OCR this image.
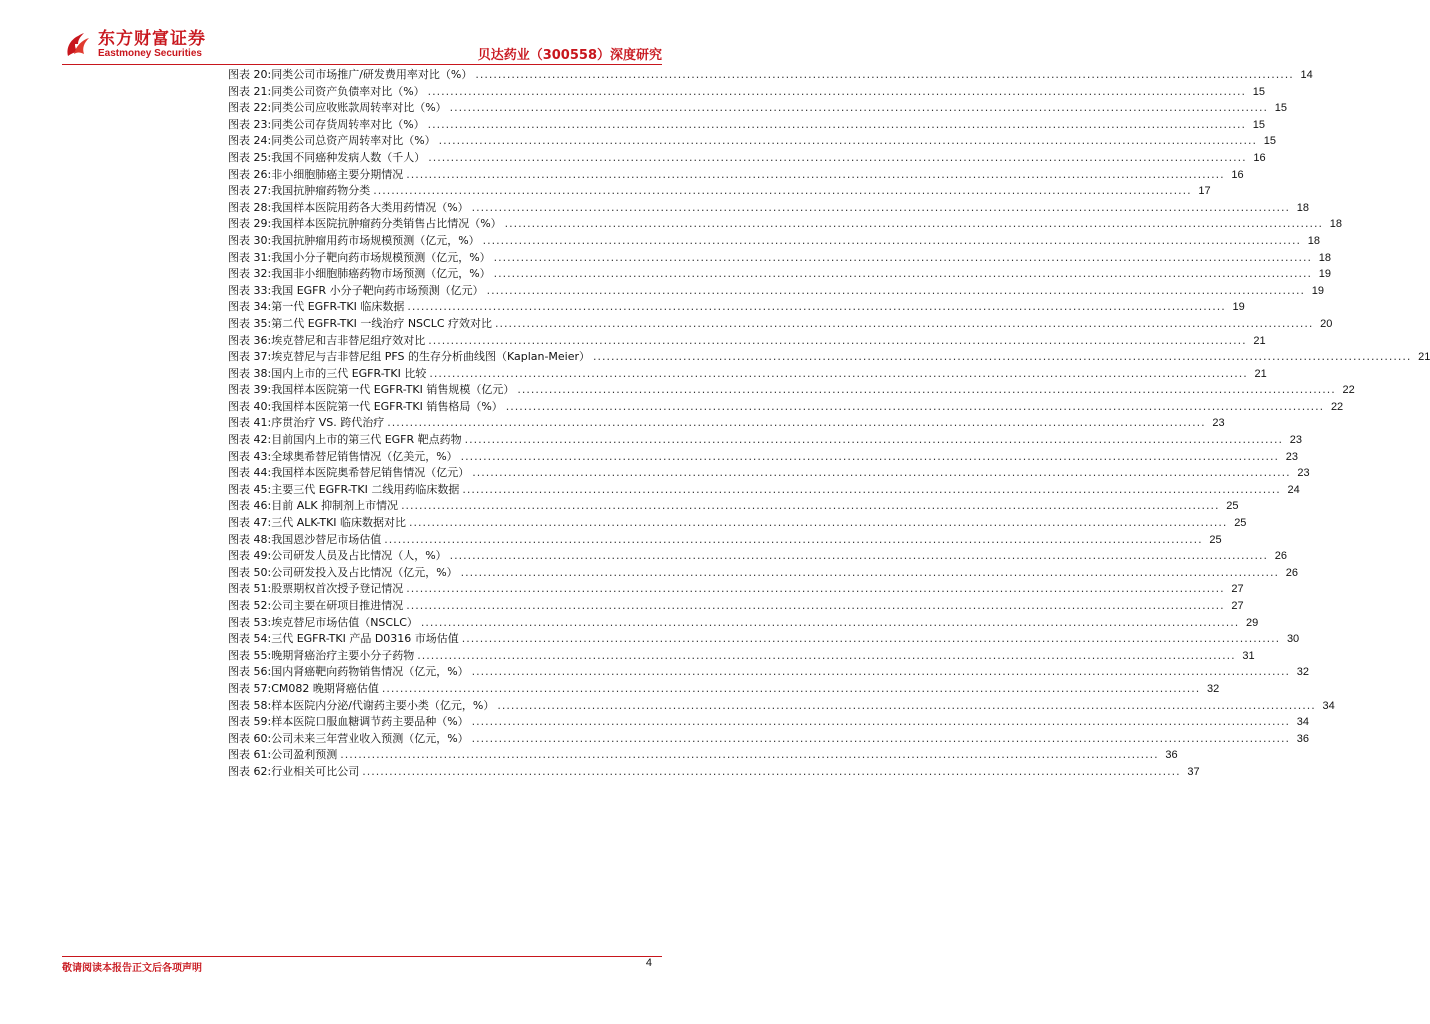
东方财富证券
Eastmoney Securities	贝达药业（300558）深度研究
图表 20: 同类公司市场推广/研发费用率对比（%） .....	14
图表 21: 同类公司资产负债率对比（%） .....	15
图表 22: 同类公司应收账款周转率对比（%） .....	15
图表 23: 同类公司存货周转率对比（%） .....	15
图表 24: 同类公司总资产周转率对比（%） .....	15
图表 25: 我国不同癌种发病人数（千人） .....	16
图表 26: 非小细胞肺癌主要分期情况 .....	16
图表 27: 我国抗肿瘤药物分类 .....	17
图表 28: 我国样本医院用药各大类用药情况（%） .....	18
图表 29: 我国样本医院抗肿瘤药分类销售占比情况（%） .....	18
图表 30: 我国抗肿瘤用药市场规模预测（亿元，%） .....	18
图表 31: 我国小分子靶向药市场规模预测（亿元，%） .....	18
图表 32: 我国非小细胞肺癌药物市场预测（亿元，%） .....	19
图表 33: 我国 EGFR 小分子靶向药市场预测（亿元） .....	19
图表 34: 第一代 EGFR-TKI 临床数据 .....	19
图表 35: 第二代 EGFR-TKI 一线治疗 NSCLC 疗效对比 .....	20
图表 36: 埃克替尼和吉非替尼组疗效对比 .....	21
图表 37: 埃克替尼与吉非替尼组 PFS 的生存分析曲线图（Kaplan-Meier） .....	21
图表 38: 国内上市的三代 EGFR-TKI 比较 .....	21
图表 39: 我国样本医院第一代 EGFR-TKI 销售规模（亿元） .....	22
图表 40: 我国样本医院第一代 EGFR-TKI 销售格局（%） .....	22
图表 41: 序贯治疗 VS. 跨代治疗 .....	23
图表 42: 目前国内上市的第三代 EGFR 靶点药物 .....	23
图表 43: 全球奥希替尼销售情况（亿美元，%） .....	23
图表 44: 我国样本医院奥希替尼销售情况（亿元） .....	23
图表 45: 主要三代 EGFR-TKI 二线用药临床数据 .....	24
图表 46: 目前 ALK 抑制剂上市情况 .....	25
图表 47: 三代 ALK-TKI 临床数据对比 .....	25
图表 48: 我国恩沙替尼市场估值 .....	25
图表 49: 公司研发人员及占比情况（人，%） .....	26
图表 50: 公司研发投入及占比情况（亿元，%） .....	26
图表 51: 股票期权首次授予登记情况 .....	27
图表 52: 公司主要在研项目推进情况 .....	27
图表 53: 埃克替尼市场估值（NSCLC） .....	29
图表 54: 三代 EGFR-TKI 产品 D0316 市场估值 .....	30
图表 55: 晚期肾癌治疗主要小分子药物 .....	31
图表 56: 国内肾癌靶向药物销售情况（亿元，%） .....	32
图表 57: CM082 晚期肾癌估值 .....	32
图表 58: 样本医院内分泌/代谢药主要小类（亿元，%） .....	34
图表 59: 样本医院口服血糖调节药主要品种（%） .....	34
图表 60: 公司未来三年营业收入预测（亿元，%） .....	36
图表 61: 公司盈利预测 .....	36
图表 62: 行业相关可比公司 .....	37
敬请阅读本报告正文后各项声明	4
